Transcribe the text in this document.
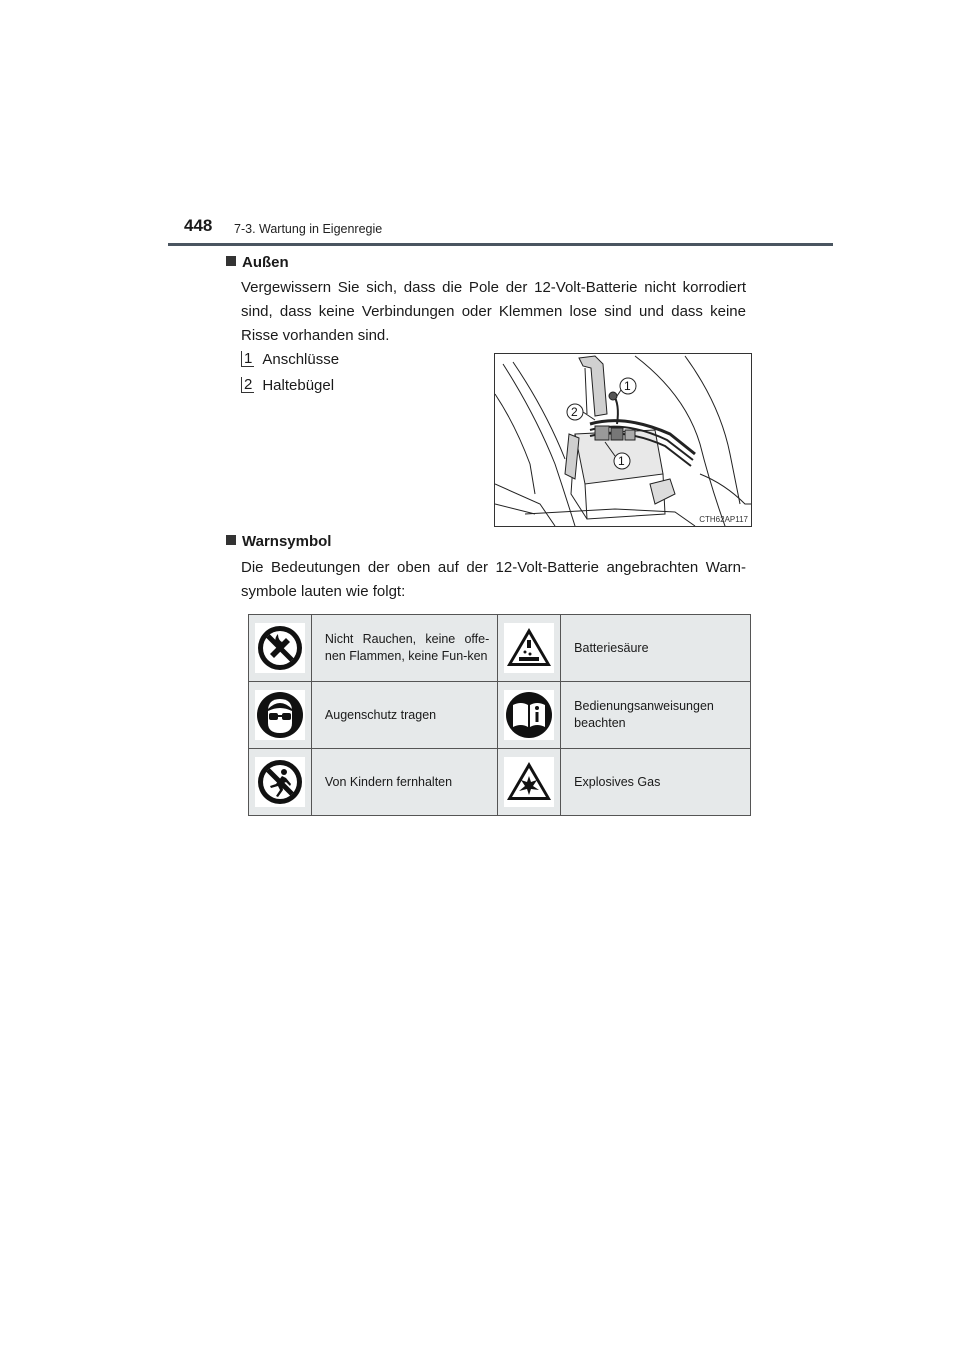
448 7-3. Wartung in Eigenregie
Außen
Vergewissern Sie sich, dass die Pole der 12-Volt-Batterie nicht korrodiert sind, dass keine Verbindungen oder Klemmen lose sind und dass keine Risse vorhanden sind.
1 Anschlüsse
2 Haltebügel	1
2
1
CTH62AP117
Warnsymbol
Die Bedeutungen der oben auf der 12-Volt-Batterie angebrachten Warn-symbole lauten wie folgt:
	Nicht Rauchen, keine offe-nen Flammen, keine Fun-ken		Batteriesäure

	Augenschutz tragen		Bedienungsanweisungen beachten

	Von Kindern fernhalten		Explosives Gas
